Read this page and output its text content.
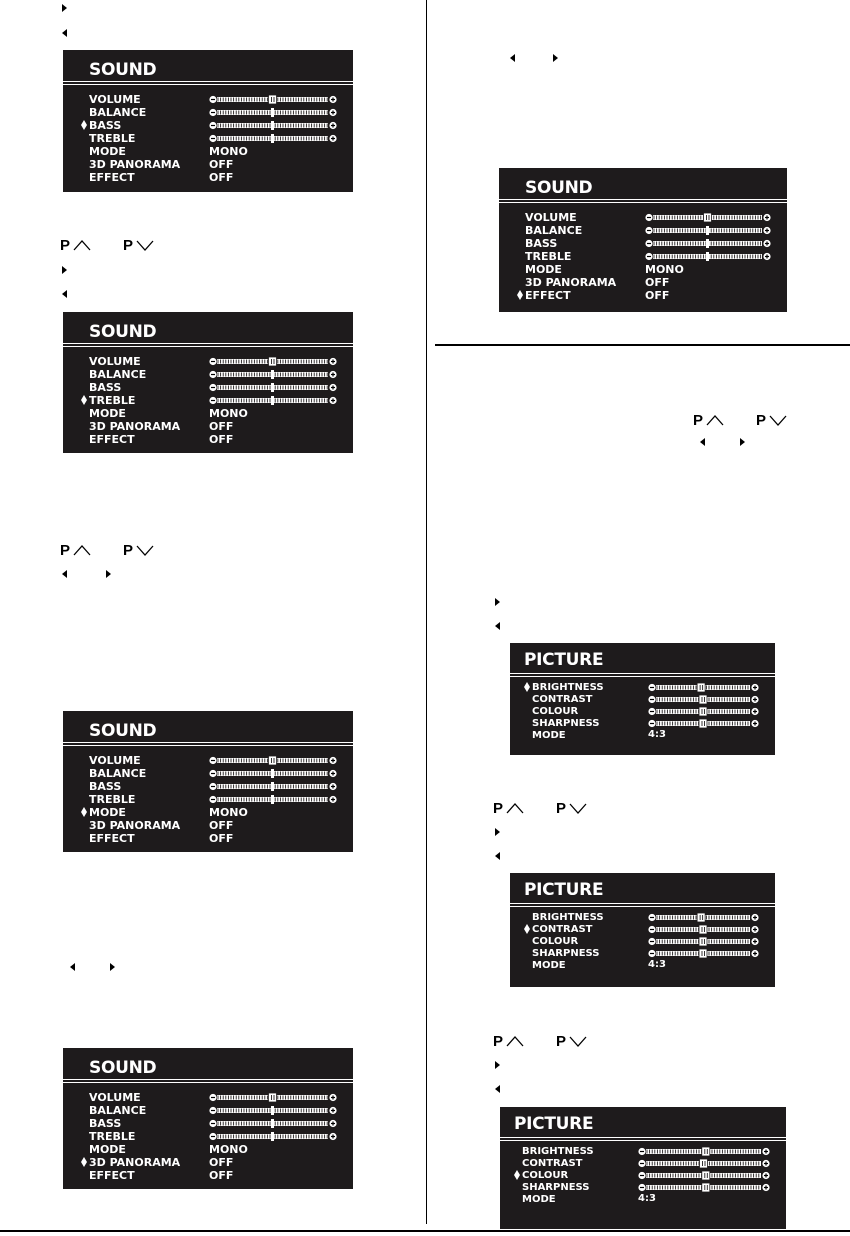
P	P
P	P
P	P
P	P
P	P
SOUND
VOLUME
BALANCE
BASS
TREBLE
MODE	MONO
3D PANORAMA	OFF
EFFECT	OFF
SOUND
VOLUME
BALANCE
BASS
TREBLE
MODE	MONO
3D PANORAMA	OFF
EFFECT	OFF
SOUND
VOLUME
BALANCE
BASS
TREBLE
MODE	MONO
3D PANORAMA	OFF
EFFECT	OFF
SOUND
VOLUME
BALANCE
BASS
TREBLE
MODE	MONO
3D PANORAMA	OFF
EFFECT	OFF
SOUND
VOLUME
BALANCE
BASS
TREBLE
MODE	MONO
3D PANORAMA	OFF
EFFECT	OFF
PICTURE
BRIGHTNESS
CONTRAST
COLOUR
SHARPNESS
MODE	4:3
PICTURE
BRIGHTNESS
CONTRAST
COLOUR
SHARPNESS
MODE	4:3
PICTURE
BRIGHTNESS
CONTRAST
COLOUR
SHARPNESS
MODE	4:3
